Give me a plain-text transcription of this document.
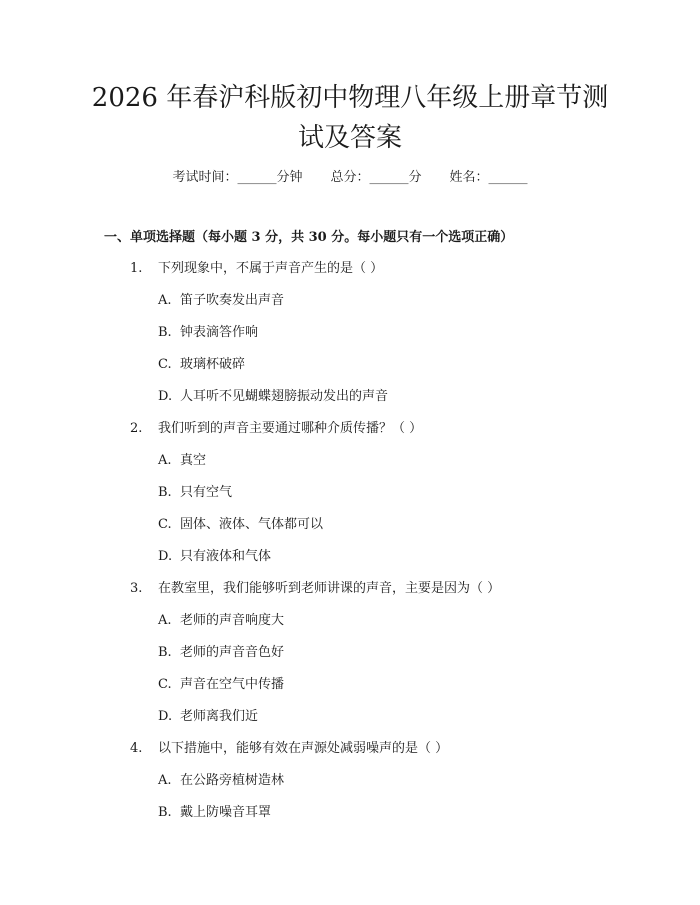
2026 年春沪科版初中物理八年级上册章节测
试及答案
考试时间：______分钟 总分：______分 姓名：______
一、单项选择题（每小题 3 分，共 30 分。每小题只有一个选项正确）
1. 下列现象中，不属于声音产生的是（ ）
A. 笛子吹奏发出声音
B. 钟表滴答作响
C. 玻璃杯破碎
D. 人耳听不见蝴蝶翅膀振动发出的声音
2. 我们听到的声音主要通过哪种介质传播？（ ）
A. 真空
B. 只有空气
C. 固体、液体、气体都可以
D. 只有液体和气体
3. 在教室里，我们能够听到老师讲课的声音，主要是因为（ ）
A. 老师的声音响度大
B. 老师的声音音色好
C. 声音在空气中传播
D. 老师离我们近
4. 以下措施中，能够有效在声源处减弱噪声的是（ ）
A. 在公路旁植树造林
B. 戴上防噪音耳罩
